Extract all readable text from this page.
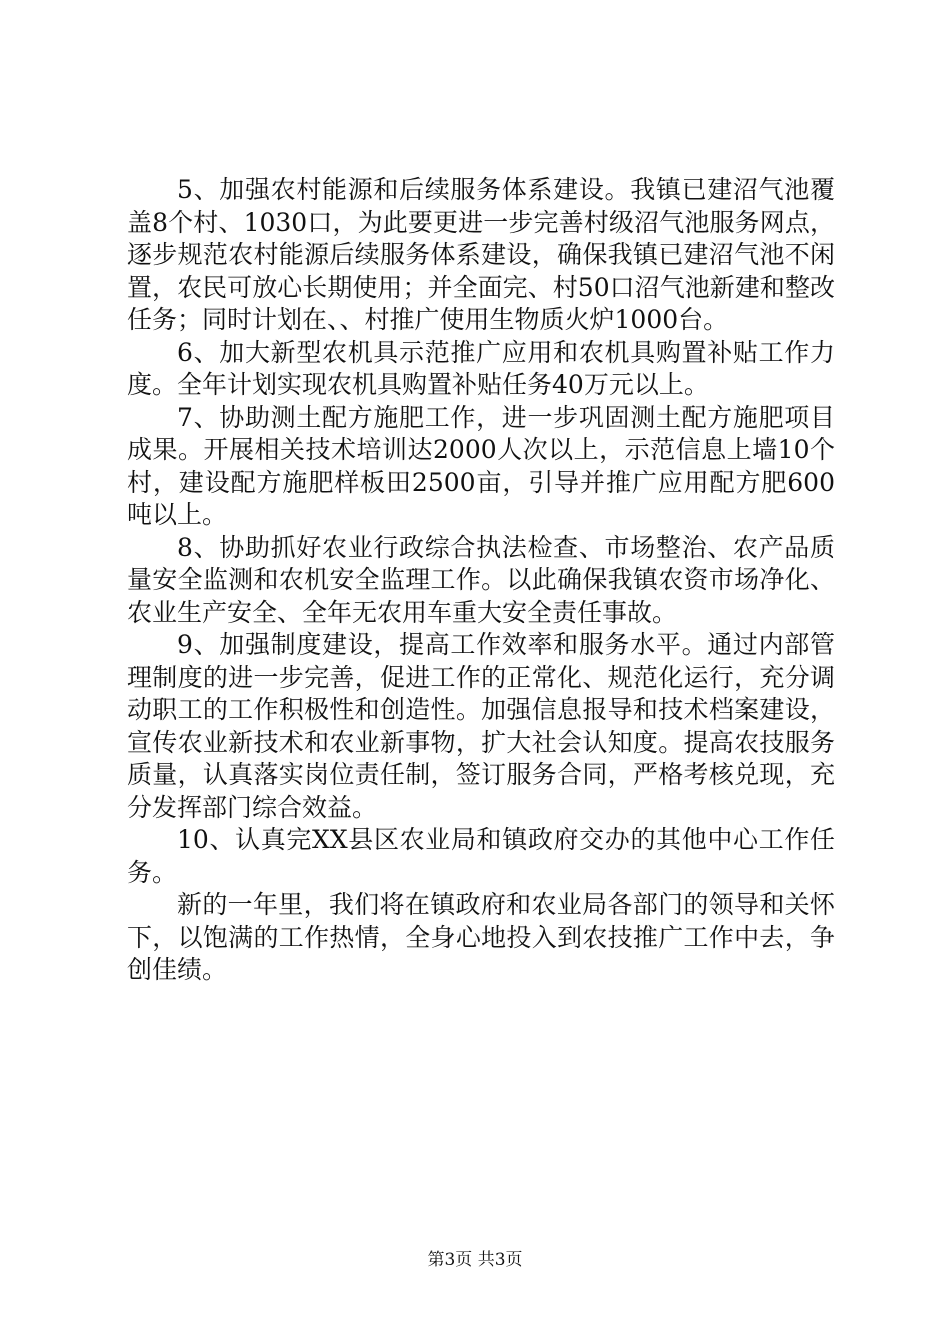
5、加强农村能源和后续服务体系建设。我镇已建沼气池覆盖8个村、1030口，为此要更进一步完善村级沼气池服务网点，逐步规范农村能源后续服务体系建设，确保我镇已建沼气池不闲置，农民可放心长期使用；并全面完、村50口沼气池新建和整改任务；同时计划在、、村推广使用生物质火炉1000台。

6、加大新型农机具示范推广应用和农机具购置补贴工作力度。全年计划实现农机具购置补贴任务40万元以上。

7、协助测土配方施肥工作，进一步巩固测土配方施肥项目成果。开展相关技术培训达2000人次以上，示范信息上墙10个村，建设配方施肥样板田2500亩，引导并推广应用配方肥600吨以上。

8、协助抓好农业行政综合执法检查、市场整治、农产品质量安全监测和农机安全监理工作。以此确保我镇农资市场净化、农业生产安全、全年无农用车重大安全责任事故。

9、加强制度建设，提高工作效率和服务水平。通过内部管理制度的进一步完善，促进工作的正常化、规范化运行，充分调动职工的工作积极性和创造性。加强信息报导和技术档案建设，宣传农业新技术和农业新事物，扩大社会认知度。提高农技服务质量，认真落实岗位责任制，签订服务合同，严格考核兑现，充分发挥部门综合效益。

10、认真完XX县区农业局和镇政府交办的其他中心工作任务。

新的一年里，我们将在镇政府和农业局各部门的领导和关怀下，以饱满的工作热情，全身心地投入到农技推广工作中去，争创佳绩。

第3页 共3页
